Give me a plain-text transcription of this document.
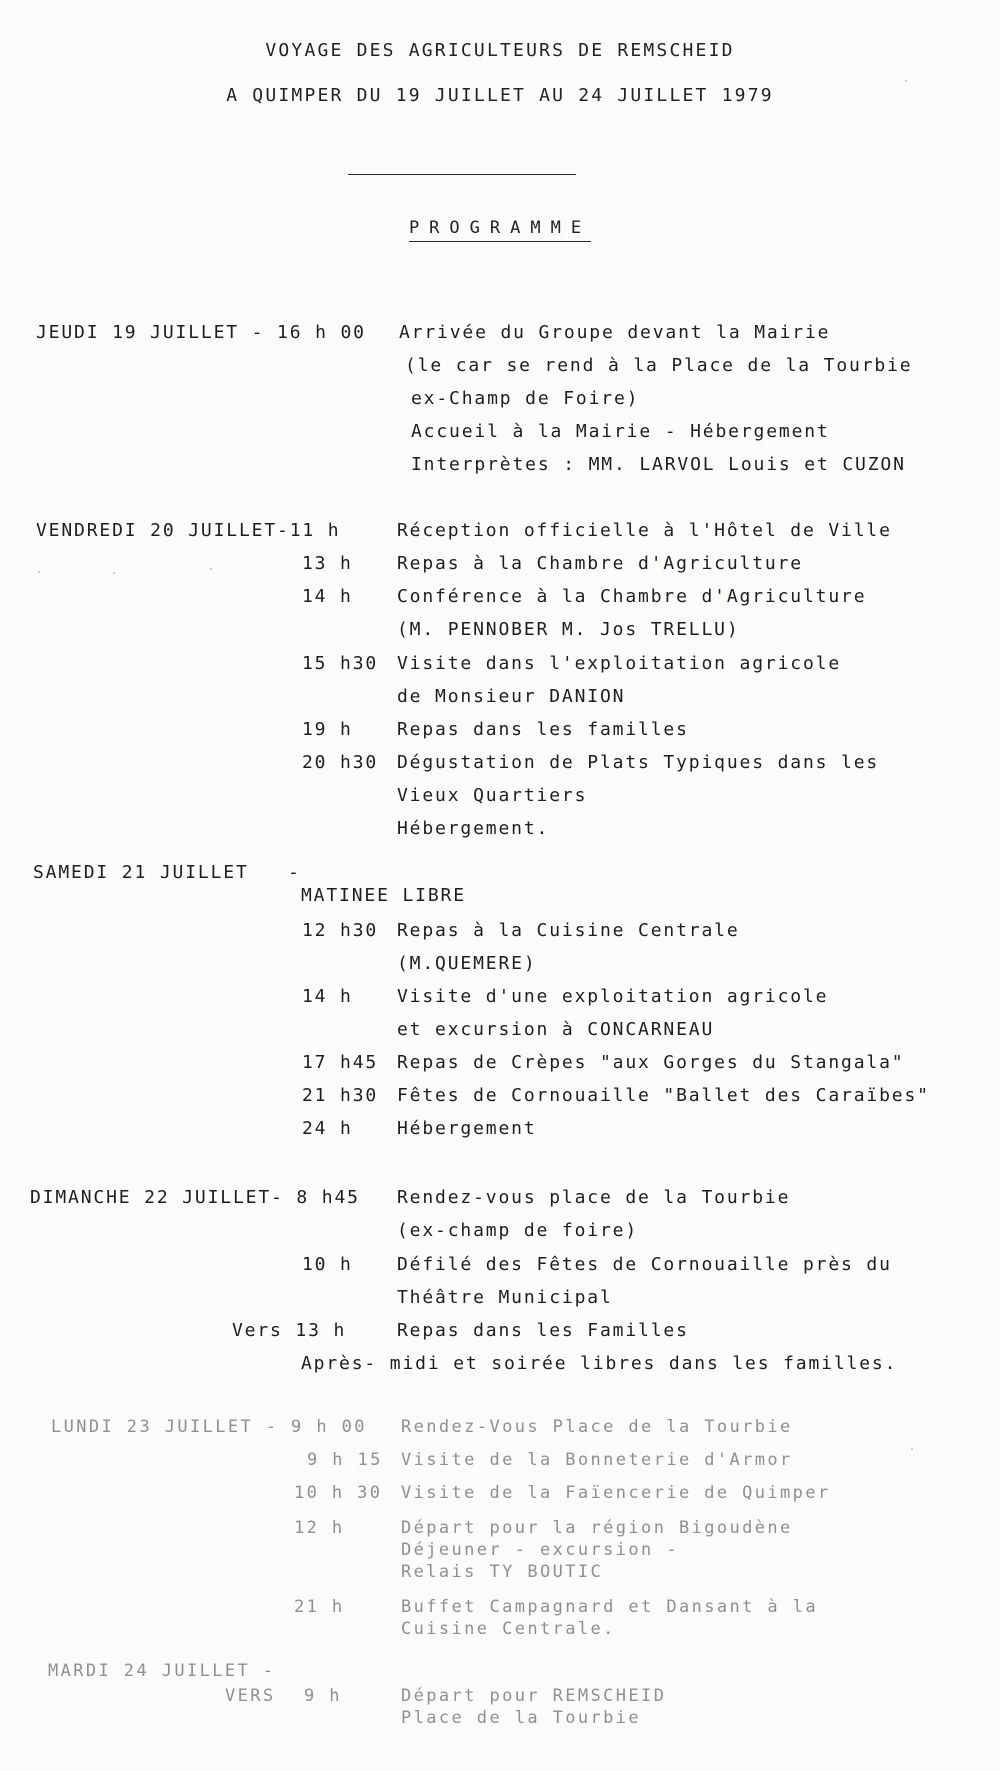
VOYAGE DES AGRICULTEURS DE REMSCHEID
A QUIMPER DU 19 JUILLET AU 24 JUILLET 1979
PROGRAMME
JEUDI 19 JUILLET - 16 h 00 Arrivée du Groupe devant la Mairie
(le car se rend à la Place de la Tourbie
ex-Champ de Foire)
Accueil à la Mairie - Hébergement
Interprètes : MM. LARVOL Louis et CUZON
VENDREDI 20 JUILLET-11 h	Réception officielle à l'Hôtel de Ville
13 h Repas à la Chambre d'Agriculture
14 h Conférence à la Chambre d'Agriculture
(M. PENNOBER M. Jos TRELLU)
15 h30 Visite dans l'exploitation agricole
de Monsieur DANION
19 h Repas dans les familles
20 h30 Dégustation de Plats Typiques dans les
Vieux Quartiers
Hébergement.
SAMEDI 21 JUILLET -
MATINEE LIBRE
12 h30 Repas à la Cuisine Centrale
(M.QUEMERE)
14 h Visite d'une exploitation agricole
et excursion à CONCARNEAU
17 h45 Repas de Crèpes "aux Gorges du Stangala"
21 h30 Fêtes de Cornouaille "Ballet des Caraïbes"
24 h Hébergement
DIMANCHE 22 JUILLET- 8 h45 Rendez-vous place de la Tourbie
(ex-champ de foire)
10 h Défilé des Fêtes de Cornouaille près du
Théâtre Municipal
Vers 13 h	Repas dans les Familles
Après- midi et soirée libres dans les familles.
LUNDI 23 JUILLET - 9 h 00 Rendez-Vous Place de la Tourbie
9 h 15 Visite de la Bonneterie d'Armor
10 h 30 Visite de la Faïencerie de Quimper
12 h	Départ pour la région Bigoudène
Déjeuner - excursion -
Relais TY BOUTIC
21 h	Buffet Campagnard et Dansant à la
Cuisine Centrale.
MARDI 24 JUILLET -
VERS 9 h	Départ pour REMSCHEID
Place de la Tourbie
